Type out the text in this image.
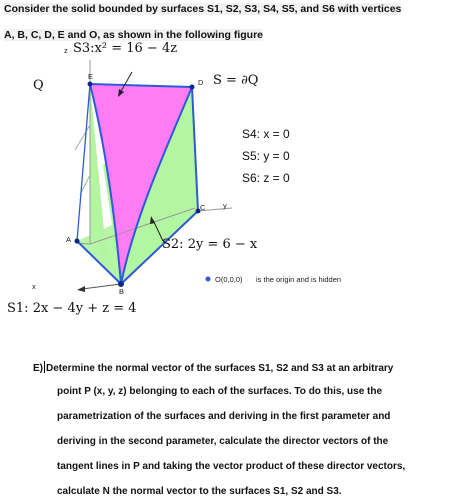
Consider the solid bounded by surfaces S1, S2, S3, S4, S5, and S6 with vertices
A, B, C, D, E and O, as shown in the following figure
z S3:x² = 16 − 4z
E
D S = ∂Q
Q
S4: x = 0
S5: y = 0
S6: z = 0
C y
S2: 2y = 6 − x
A
O(0,0,0) is the origin and is hidden
x
B
S1: 2x − 4y + z = 4
E) Determine the normal vector of the surfaces S1, S2 and S3 at an arbitrary
point P (x, y, z) belonging to each of the surfaces. To do this, use the
parametrization of the surfaces and deriving in the first parameter and
deriving in the second parameter, calculate the director vectors of the
tangent lines in P and taking the vector product of these director vectors,
calculate N the normal vector to the surfaces S1, S2 and S3.
